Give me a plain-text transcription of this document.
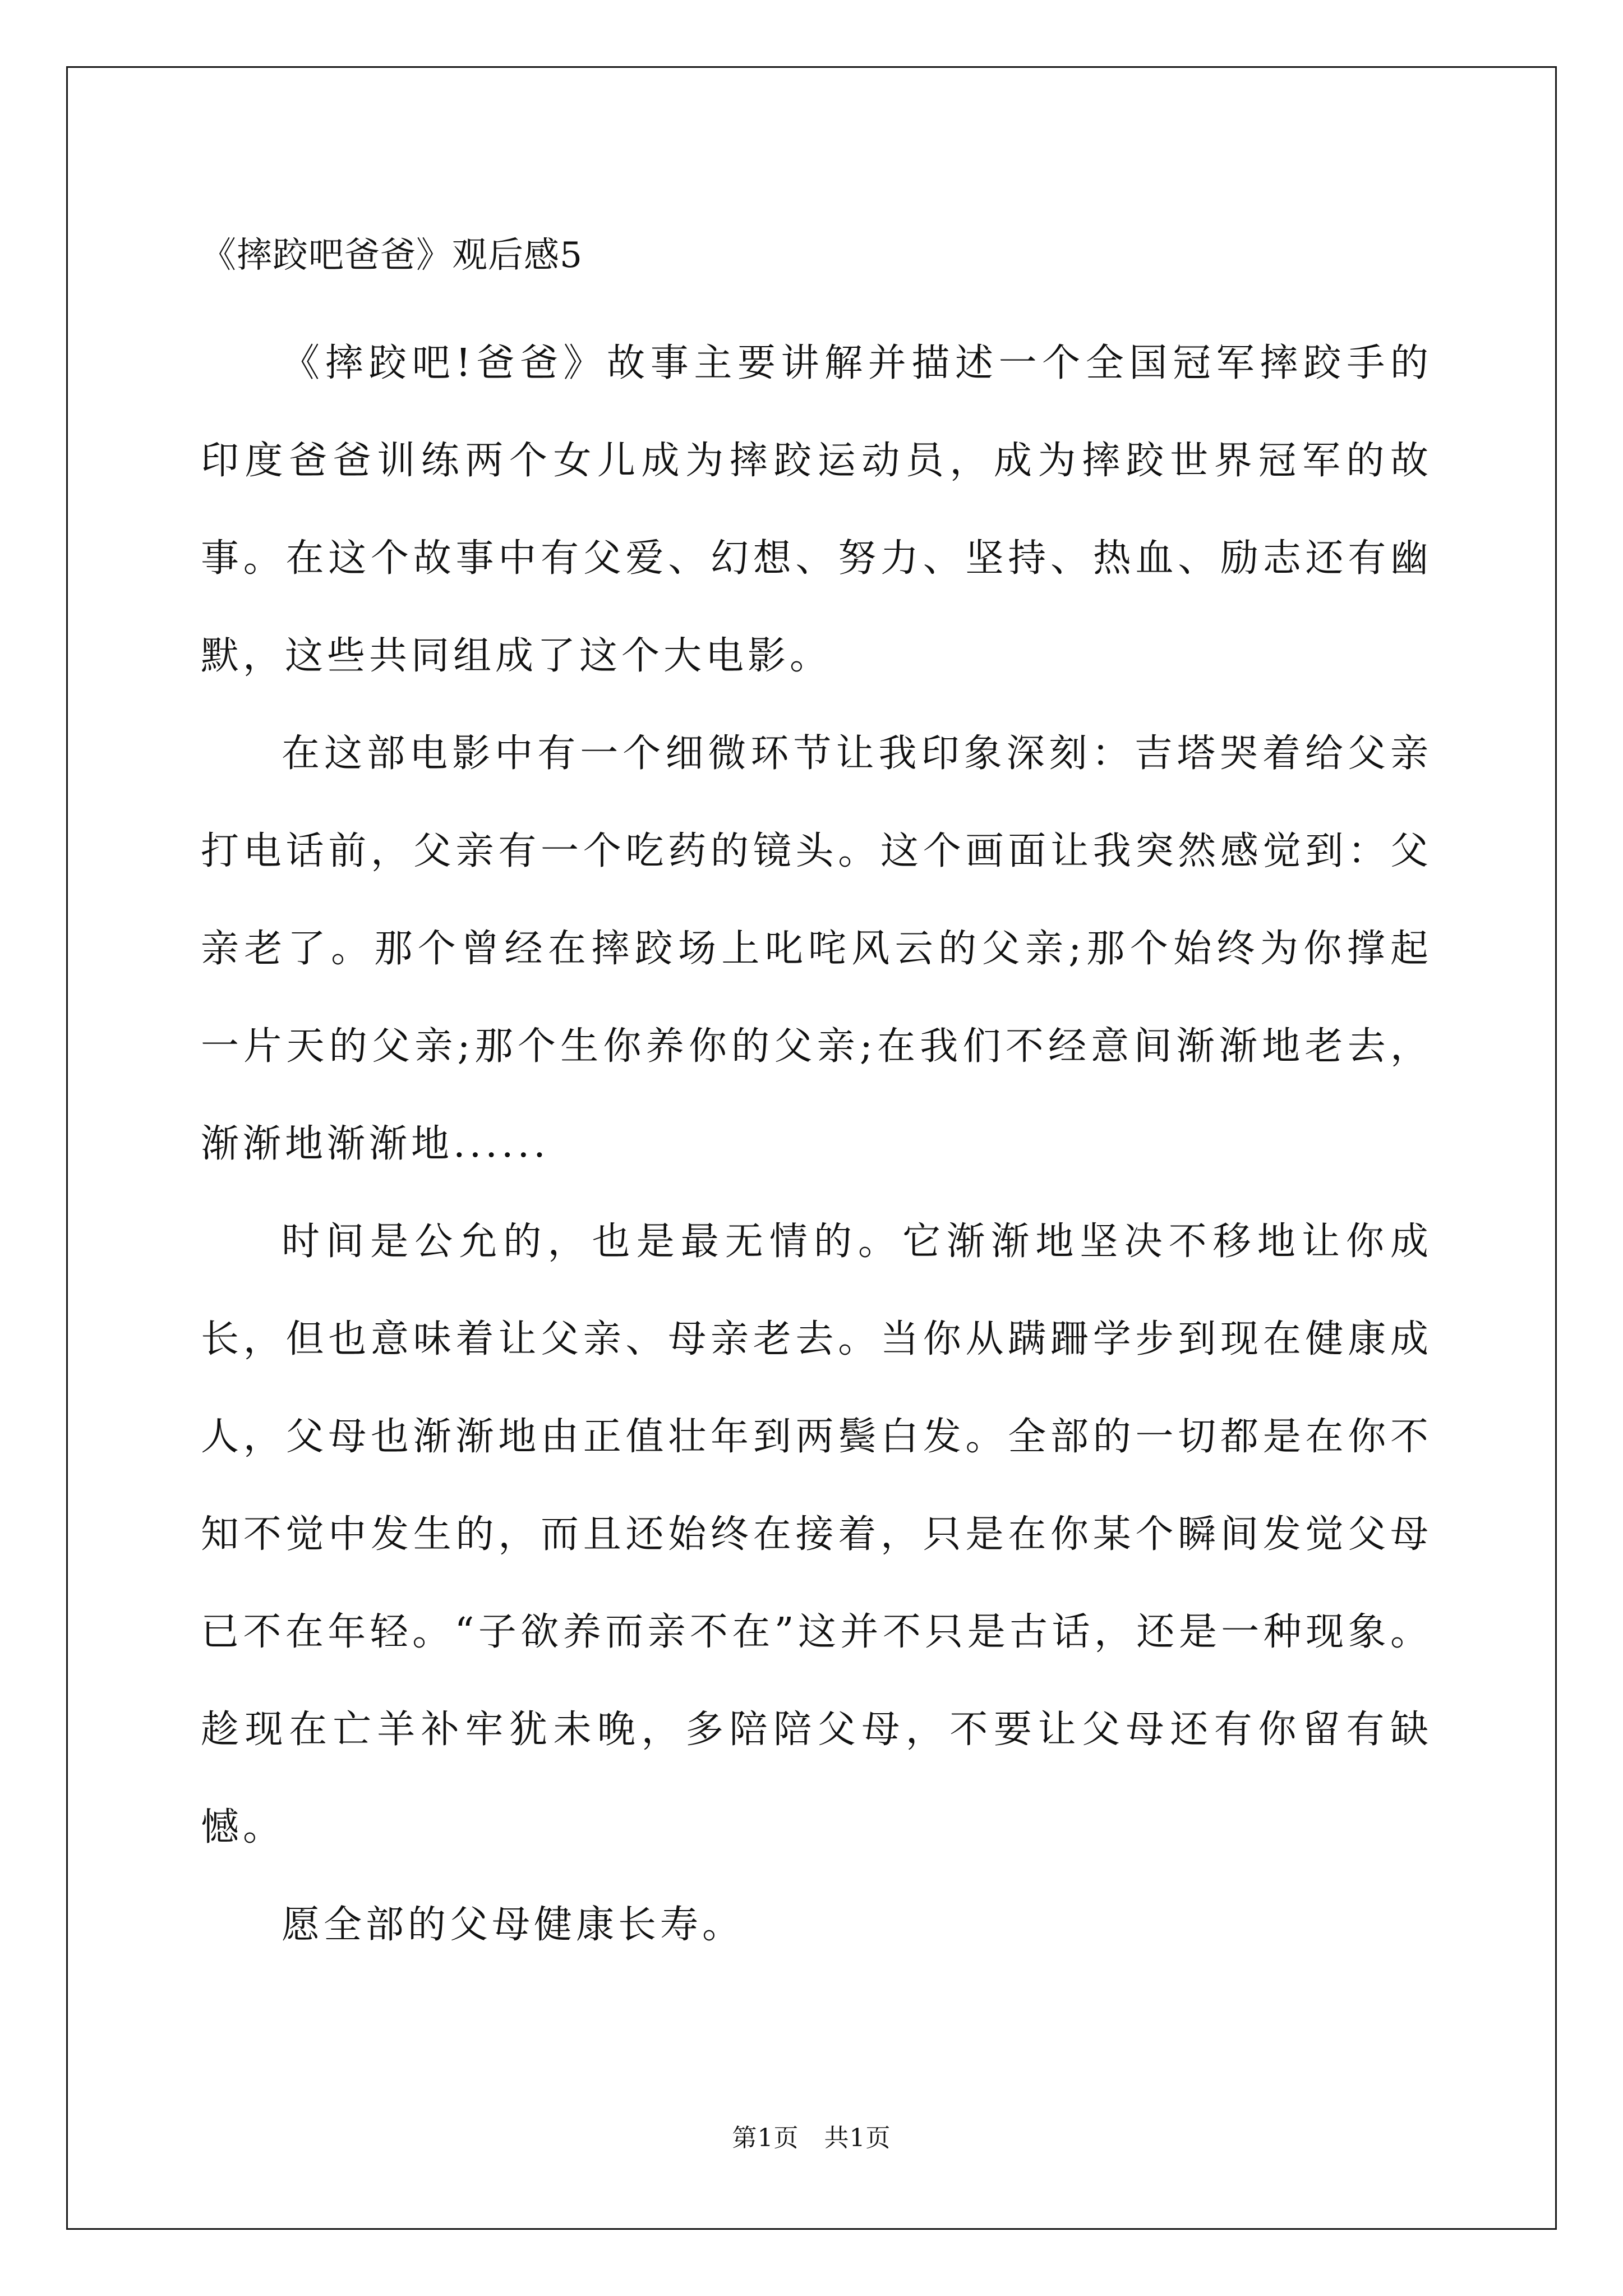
《摔跤吧爸爸》观后感5

《摔跤吧!爸爸》故事主要讲解并描述一个全国冠军摔跤手的印度爸爸训练两个女儿成为摔跤运动员，成为摔跤世界冠军的故事。在这个故事中有父爱、幻想、努力、坚持、热血、励志还有幽默，这些共同组成了这个大电影。

在这部电影中有一个细微环节让我印象深刻：吉塔哭着给父亲打电话前，父亲有一个吃药的镜头。这个画面让我突然感觉到：父亲老了。那个曾经在摔跤场上叱咤风云的父亲;那个始终为你撑起一片天的父亲;那个生你养你的父亲;在我们不经意间渐渐地老去，渐渐地渐渐地......

时间是公允的，也是最无情的。它渐渐地坚决不移地让你成长，但也意味着让父亲、母亲老去。当你从蹒跚学步到现在健康成人，父母也渐渐地由正值壮年到两鬓白发。全部的一切都是在你不知不觉中发生的，而且还始终在接着，只是在你某个瞬间发觉父母已不在年轻。“子欲养而亲不在”这并不只是古话，还是一种现象。趁现在亡羊补牢犹未晚，多陪陪父母，不要让父母还有你留有缺憾。

愿全部的父母健康长寿。

第1页 共1页
